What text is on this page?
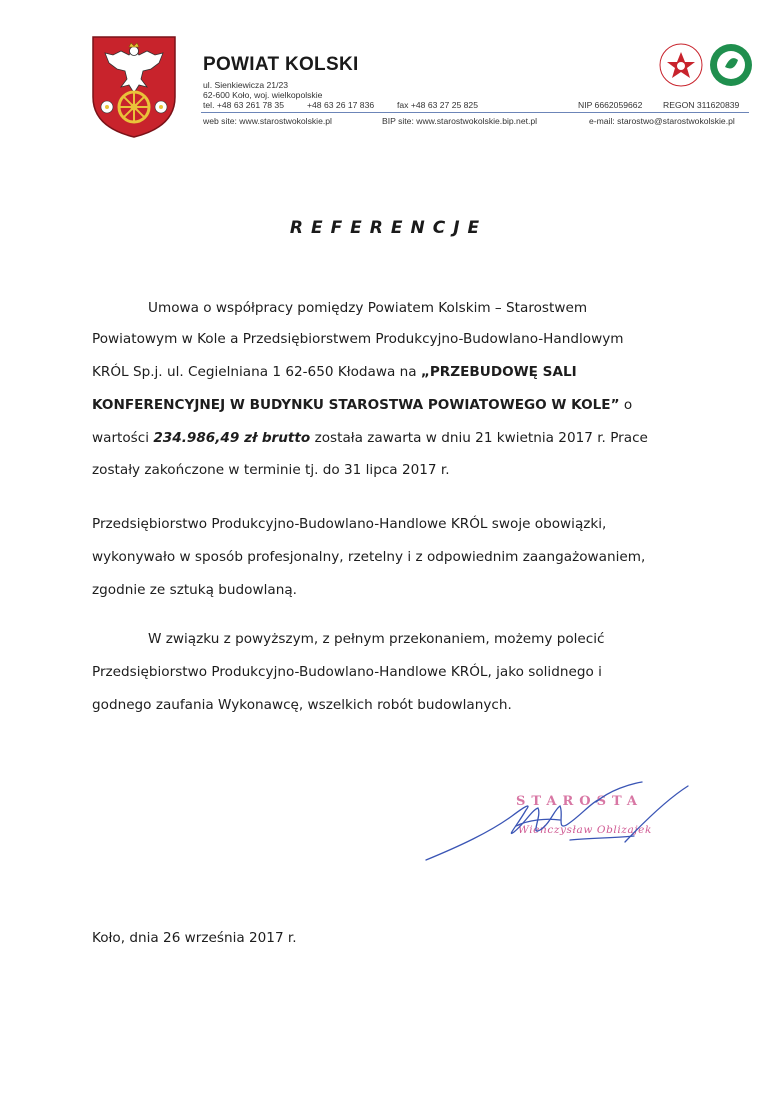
POWIAT KOLSKI
ul. Sienkiewicza 21/23
62-600 Koło, woj. wielkopolskie
tel. +48 63 261 78 35	+48 63 26 17 836	fax +48 63 27 25 825	NIP 6662059662 REGON 311620839
web site: www.starostwokolskie.pl	BIP site: www.starostwokolskie.bip.net.pl	e-mail: starostwo@starostwokolskie.pl
REFERENCJE
Umowa o współpracy pomiędzy Powiatem Kolskim – Starostwem
Powiatowym w Kole a Przedsiębiorstwem Produkcyjno-Budowlano-Handlowym
KRÓL Sp.j. ul. Cegielniana 1 62-650 Kłodawa na „PRZEBUDOWĘ SALI
KONFERENCYJNEJ W BUDYNKU STAROSTWA POWIATOWEGO W KOLE” o
wartości 234.986,49 zł brutto została zawarta w dniu 21 kwietnia 2017 r. Prace
zostały zakończone w terminie tj. do 31 lipca 2017 r.
Przedsiębiorstwo Produkcyjno-Budowlano-Handlowe KRÓL swoje obowiązki,
wykonywało w sposób profesjonalny, rzetelny i z odpowiednim zaangażowaniem,
zgodnie ze sztuką budowlaną.
W związku z powyższym, z pełnym przekonaniem, możemy polecić
Przedsiębiorstwo Produkcyjno-Budowlano-Handlowe KRÓL, jako solidnego i
godnego zaufania Wykonawcę, wszelkich robót budowlanych.
STAROSTA
Wieńczysław Oblizajek
Koło, dnia 26 września 2017 r.
